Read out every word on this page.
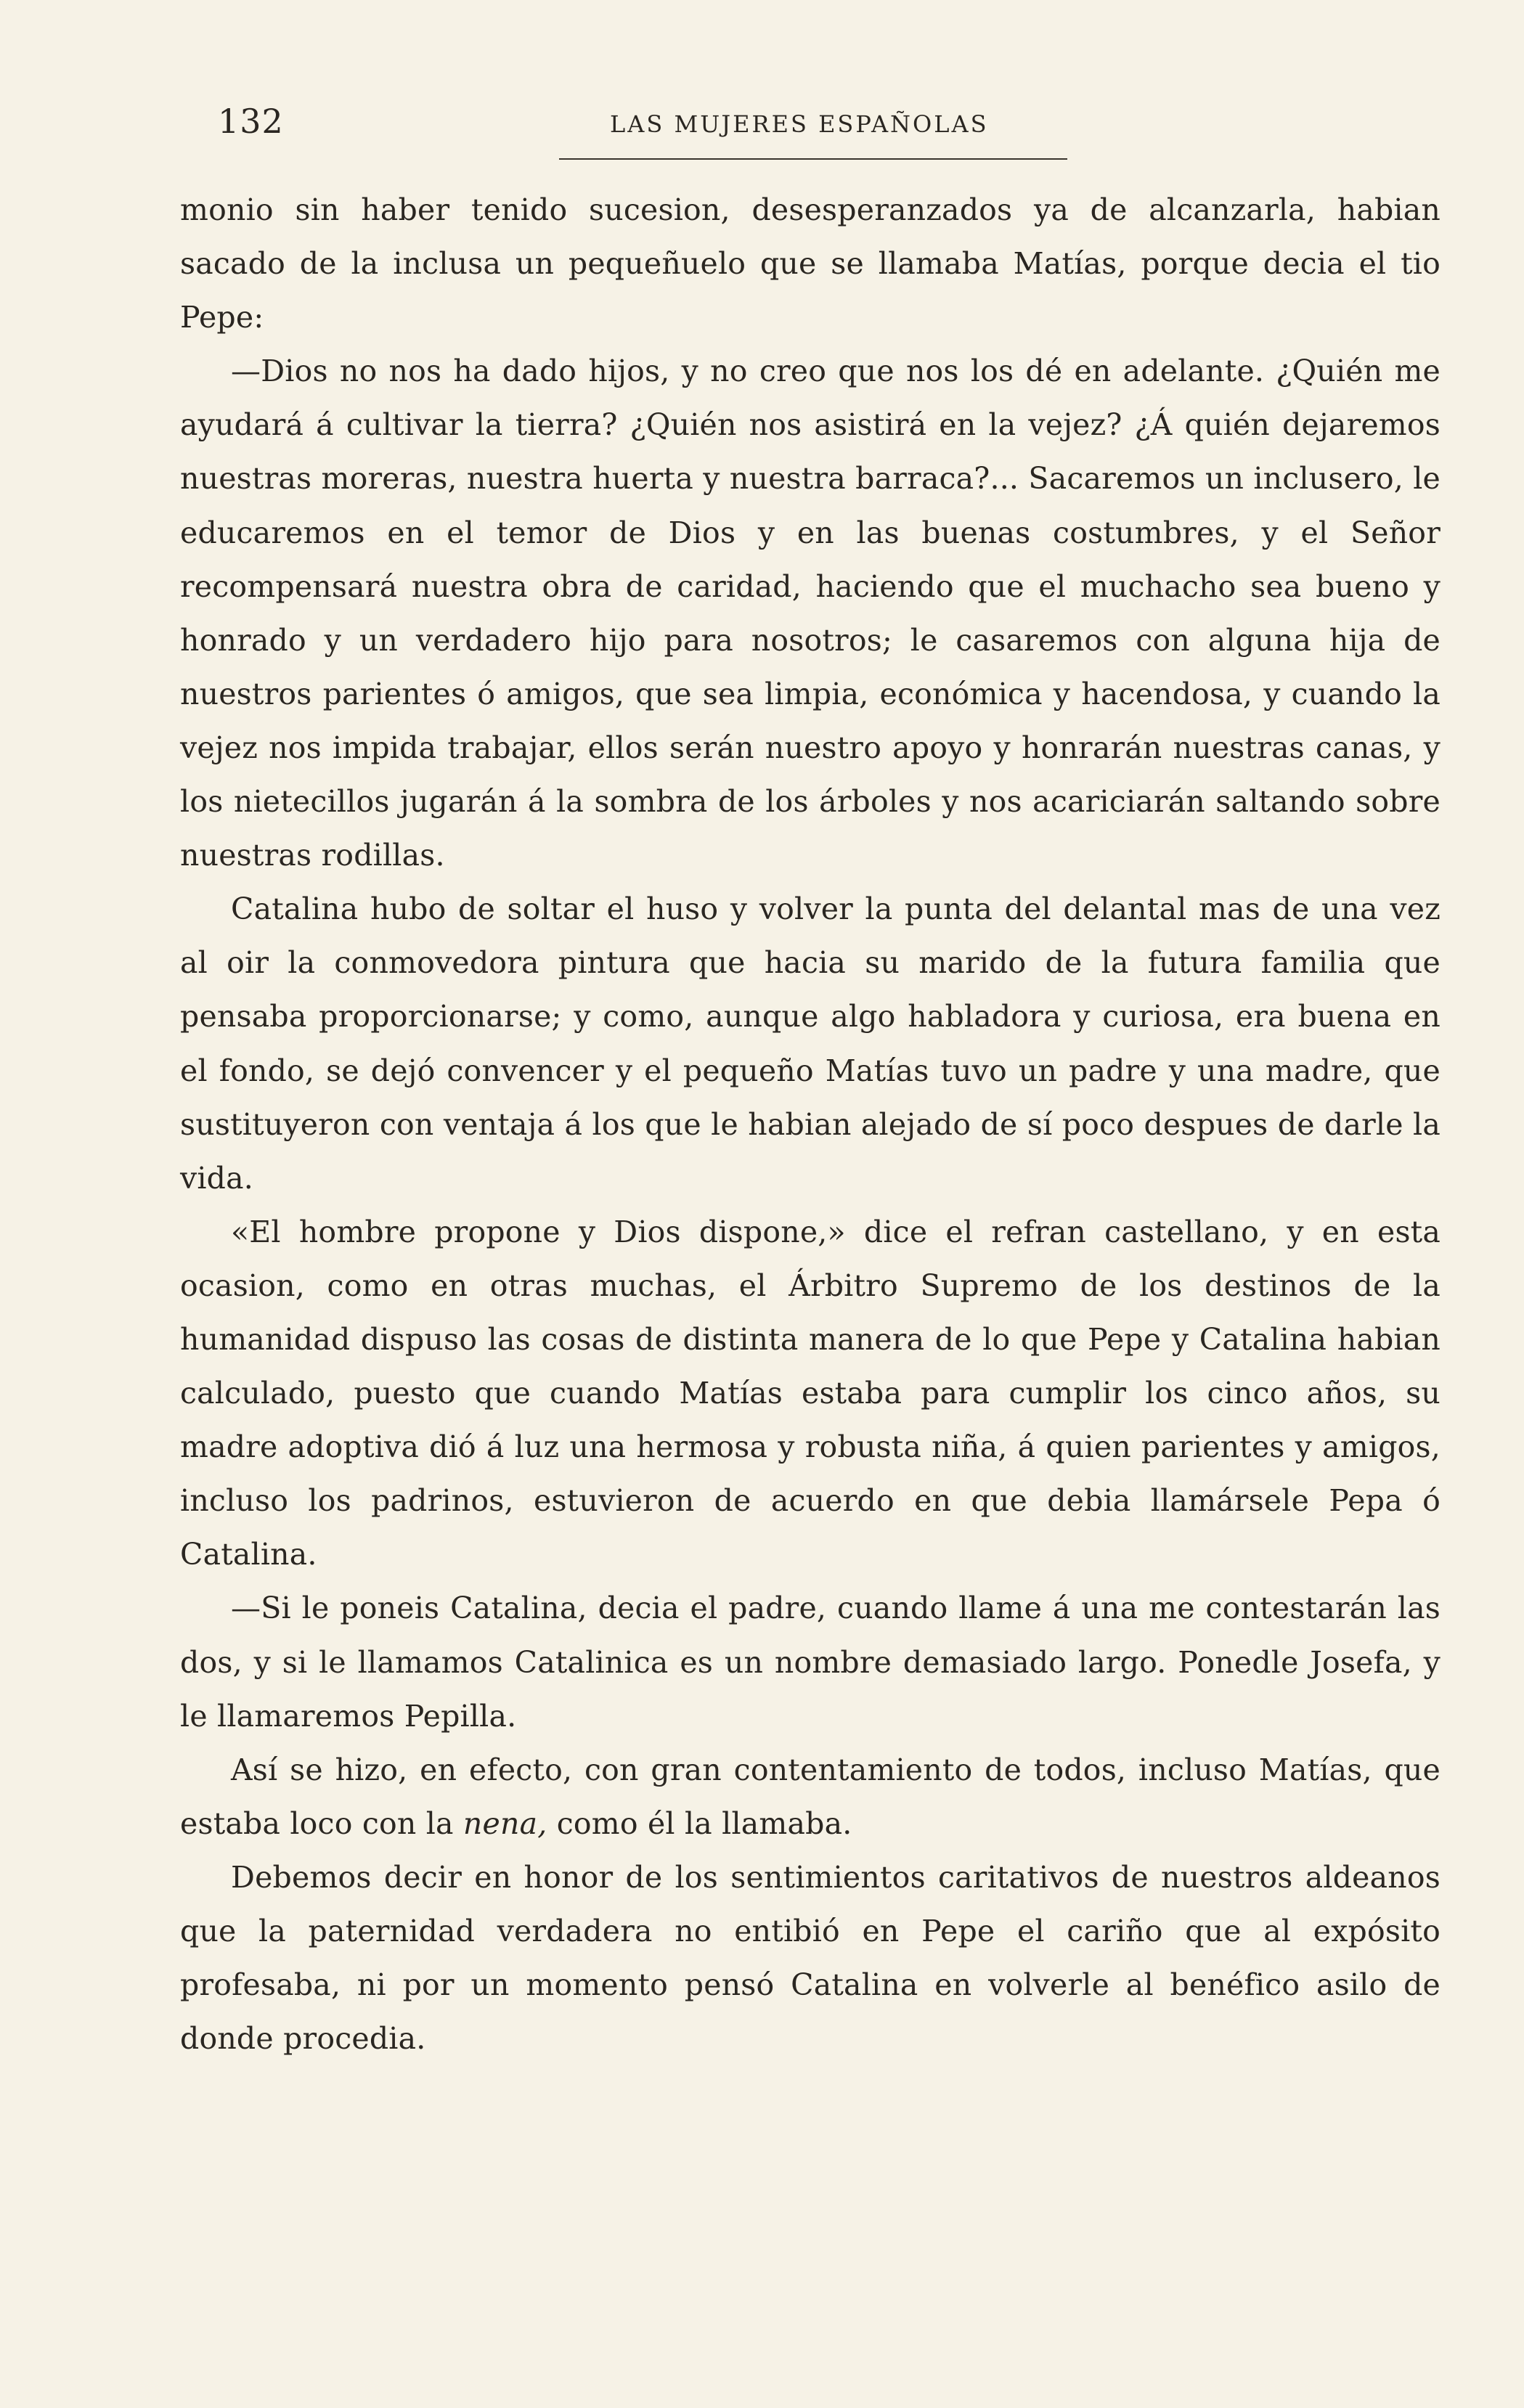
132	LAS MUJERES ESPAÑOLAS

monio sin haber tenido sucesion, desesperanzados ya de alcanzarla, habian sacado de la inclusa un pequeñuelo que se llamaba Matías, porque decia el tio Pepe:

—Dios no nos ha dado hijos, y no creo que nos los dé en adelante. ¿Quién me ayudará á cultivar la tierra? ¿Quién nos asistirá en la vejez? ¿Á quién dejaremos nuestras moreras, nuestra huerta y nuestra barraca?... Sacaremos un inclusero, le educaremos en el temor de Dios y en las buenas costumbres, y el Señor recompensará nuestra obra de caridad, haciendo que el muchacho sea bueno y honrado y un verdadero hijo para nosotros; le casaremos con alguna hija de nuestros parientes ó amigos, que sea limpia, económica y hacendosa, y cuando la vejez nos impida trabajar, ellos serán nuestro apoyo y honrarán nuestras canas, y los nietecillos jugarán á la sombra de los árboles y nos acariciarán saltando sobre nuestras rodillas.

Catalina hubo de soltar el huso y volver la punta del delantal mas de una vez al oir la conmovedora pintura que hacia su marido de la futura familia que pensaba proporcionarse; y como, aunque algo habladora y curiosa, era buena en el fondo, se dejó convencer y el pequeño Matías tuvo un padre y una madre, que sustituyeron con ventaja á los que le habian alejado de sí poco despues de darle la vida.

«El hombre propone y Dios dispone,» dice el refran castellano, y en esta ocasion, como en otras muchas, el Árbitro Supremo de los destinos de la humanidad dispuso las cosas de distinta manera de lo que Pepe y Catalina habian calculado, puesto que cuando Matías estaba para cumplir los cinco años, su madre adoptiva dió á luz una hermosa y robusta niña, á quien parientes y amigos, incluso los padrinos, estuvieron de acuerdo en que debia llamársele Pepa ó Catalina.

—Si le poneis Catalina, decia el padre, cuando llame á una me contestarán las dos, y si le llamamos Catalinica es un nombre demasiado largo. Ponedle Josefa, y le llamaremos Pepilla.

Así se hizo, en efecto, con gran contentamiento de todos, incluso Matías, que estaba loco con la nena, como él la llamaba.

Debemos decir en honor de los sentimientos caritativos de nuestros aldeanos que la paternidad verdadera no entibió en Pepe el cariño que al expósito profesaba, ni por un momento pensó Catalina en volverle al benéfico asilo de donde procedia.
